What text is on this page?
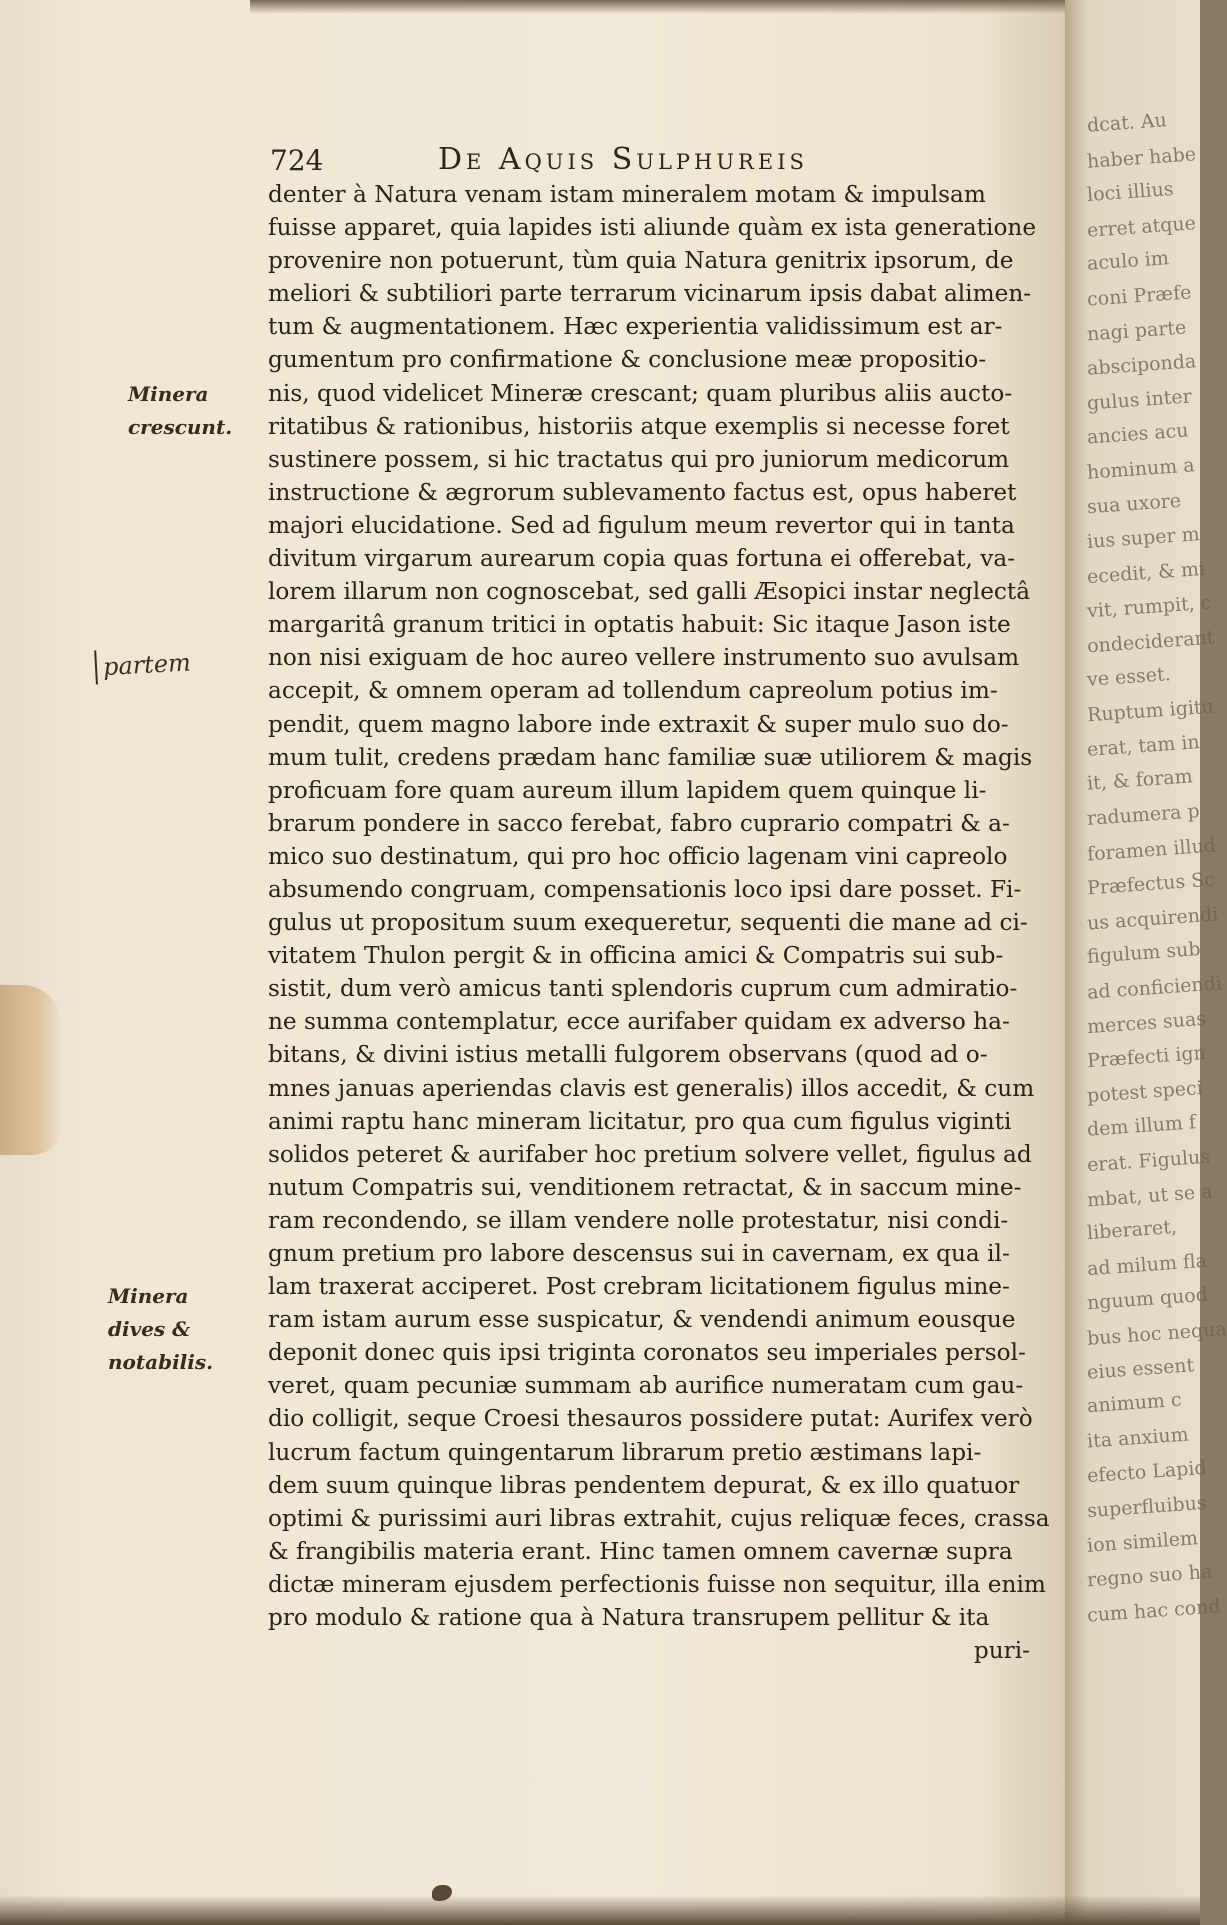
724	De Aquis Sulphureis
Minera
crescunt.
partem
Minera
dives &
notabilis.
denter à Natura venam istam mineralem motam & impulsam
fuisse apparet, quia lapides isti aliunde quàm ex ista generatione
provenire non potuerunt, tùm quia Natura genitrix ipsorum, de
meliori & subtiliori parte terrarum vicinarum ipsis dabat alimen-
tum & augmentationem. Hæc experientia validissimum est ar-
gumentum pro confirmatione & conclusione meæ propositio-
nis, quod videlicet Mineræ crescant; quam pluribus aliis aucto-
ritatibus & rationibus, historiis atque exemplis si necesse foret
sustinere possem, si hic tractatus qui pro juniorum medicorum
instructione & ægrorum sublevamento factus est, opus haberet
majori elucidatione. Sed ad figulum meum revertor qui in tanta
divitum virgarum aurearum copia quas fortuna ei offerebat, va-
lorem illarum non cognoscebat, sed galli Æsopici instar neglectâ
margaritâ granum tritici in optatis habuit: Sic itaque Jason iste
non nisi exiguam de hoc aureo vellere instrumento suo avulsam
accepit, & omnem operam ad tollendum capreolum potius im-
pendit, quem magno labore inde extraxit & super mulo suo do-
mum tulit, credens prædam hanc familiæ suæ utiliorem & magis
proficuam fore quam aureum illum lapidem quem quinque li-
brarum pondere in sacco ferebat, fabro cuprario compatri & a-
mico suo destinatum, qui pro hoc officio lagenam vini capreolo
absumendo congruam, compensationis loco ipsi dare posset. Fi-
gulus ut propositum suum exequeretur, sequenti die mane ad ci-
vitatem Thulon pergit & in officina amici & Compatris sui sub-
sistit, dum verò amicus tanti splendoris cuprum cum admiratio-
ne summa contemplatur, ecce aurifaber quidam ex adverso ha-
bitans, & divini istius metalli fulgorem observans (quod ad o-
mnes januas aperiendas clavis est generalis) illos accedit, & cum
animi raptu hanc mineram licitatur, pro qua cum figulus viginti
solidos peteret & aurifaber hoc pretium solvere vellet, figulus ad
nutum Compatris sui, venditionem retractat, & in saccum mine-
ram recondendo, se illam vendere nolle protestatur, nisi condi-
gnum pretium pro labore descensus sui in cavernam, ex qua il-
lam traxerat acciperet. Post crebram licitationem figulus mine-
ram istam aurum esse suspicatur, & vendendi animum eousque
deponit donec quis ipsi triginta coronatos seu imperiales persol-
veret, quam pecuniæ summam ab aurifice numeratam cum gau-
dio colligit, seque Croesi thesauros possidere putat: Aurifex verò
lucrum factum quingentarum librarum pretio æstimans lapi-
dem suum quinque libras pendentem depurat, & ex illo quatuor
optimi & purissimi auri libras extrahit, cujus reliquæ feces, crassa
& frangibilis materia erant. Hinc tamen omnem cavernæ supra
dictæ mineram ejusdem perfectionis fuisse non sequitur, illa enim
pro modulo & ratione qua à Natura transrupem pellitur & ita
puri-
dcat. Au
haber habe
loci illius
erret atque
aculo im
coni Præfe
nagi parte
absciponda
gulus inter
ancies acu
hominum a
sua uxore
ius super m
ecedit, & mi
vit, rumpit, c
ondeciderant
ve esset.
Ruptum igitu
erat, tam in
it, & foram
radumera p
foramen illud
Præfectus Sc
us acquirendi
figulum sub
ad conficiendi
merces suas
Præfecti ign
potest speci
dem illum f
erat. Figulus
mbat, ut se a
liberaret,
ad milum fla
nguum quod
bus hoc nequa
eius essent
animum c
ita anxium
efecto Lapid
superfluibus
ion similem
regno suo ha
cum hac cond
